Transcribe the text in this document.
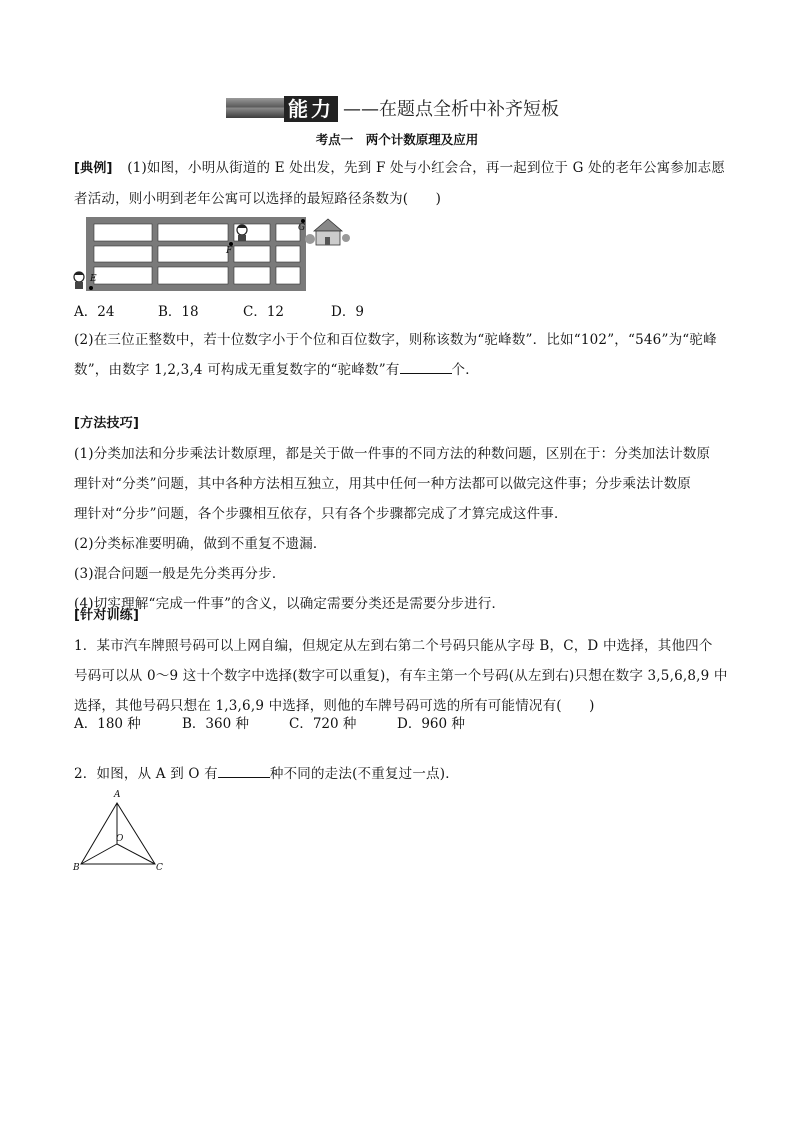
能力 ——在题点全析中补齐短板
考点一　两个计数原理及应用
[典例] (1)如图，小明从街道的 E 处出发，先到 F 处与小红会合，再一起到位于 G 处的老年公寓参加志愿
者活动，则小明到老年公寓可以选择的最短路径条数为(　　)
F
G
E
A．24	B．18	C．12	D．9
(2)在三位正整数中，若十位数字小于个位和百位数字，则称该数为“驼峰数”．比如“102”，“546”为“驼峰
数”，由数字 1,2,3,4 可构成无重复数字的“驼峰数”有	个．
[方法技巧]
(1)分类加法和分步乘法计数原理，都是关于做一件事的不同方法的种数问题，区别在于：分类加法计数原
理针对“分类”问题，其中各种方法相互独立，用其中任何一种方法都可以做完这件事；分步乘法计数原
理针对“分步”问题，各个步骤相互依存，只有各个步骤都完成了才算完成这件事．
(2)分类标准要明确，做到不重复不遗漏．
(3)混合问题一般是先分类再分步．
(4)切实理解“完成一件事”的含义，以确定需要分类还是需要分步进行．
[针对训练]
1．某市汽车牌照号码可以上网自编，但规定从左到右第二个号码只能从字母 B，C，D 中选择，其他四个
号码可以从 0～9 这十个数字中选择(数字可以重复)，有车主第一个号码(从左到右)只想在数字 3,5,6,8,9 中
选择，其他号码只想在 1,3,6,9 中选择，则他的车牌号码可选的所有可能情况有(　　)
A．180 种	B．360 种	C．720 种	D．960 种
2．如图，从 A 到 O 有	种不同的走法(不重复过一点)．
A
B	C
O
